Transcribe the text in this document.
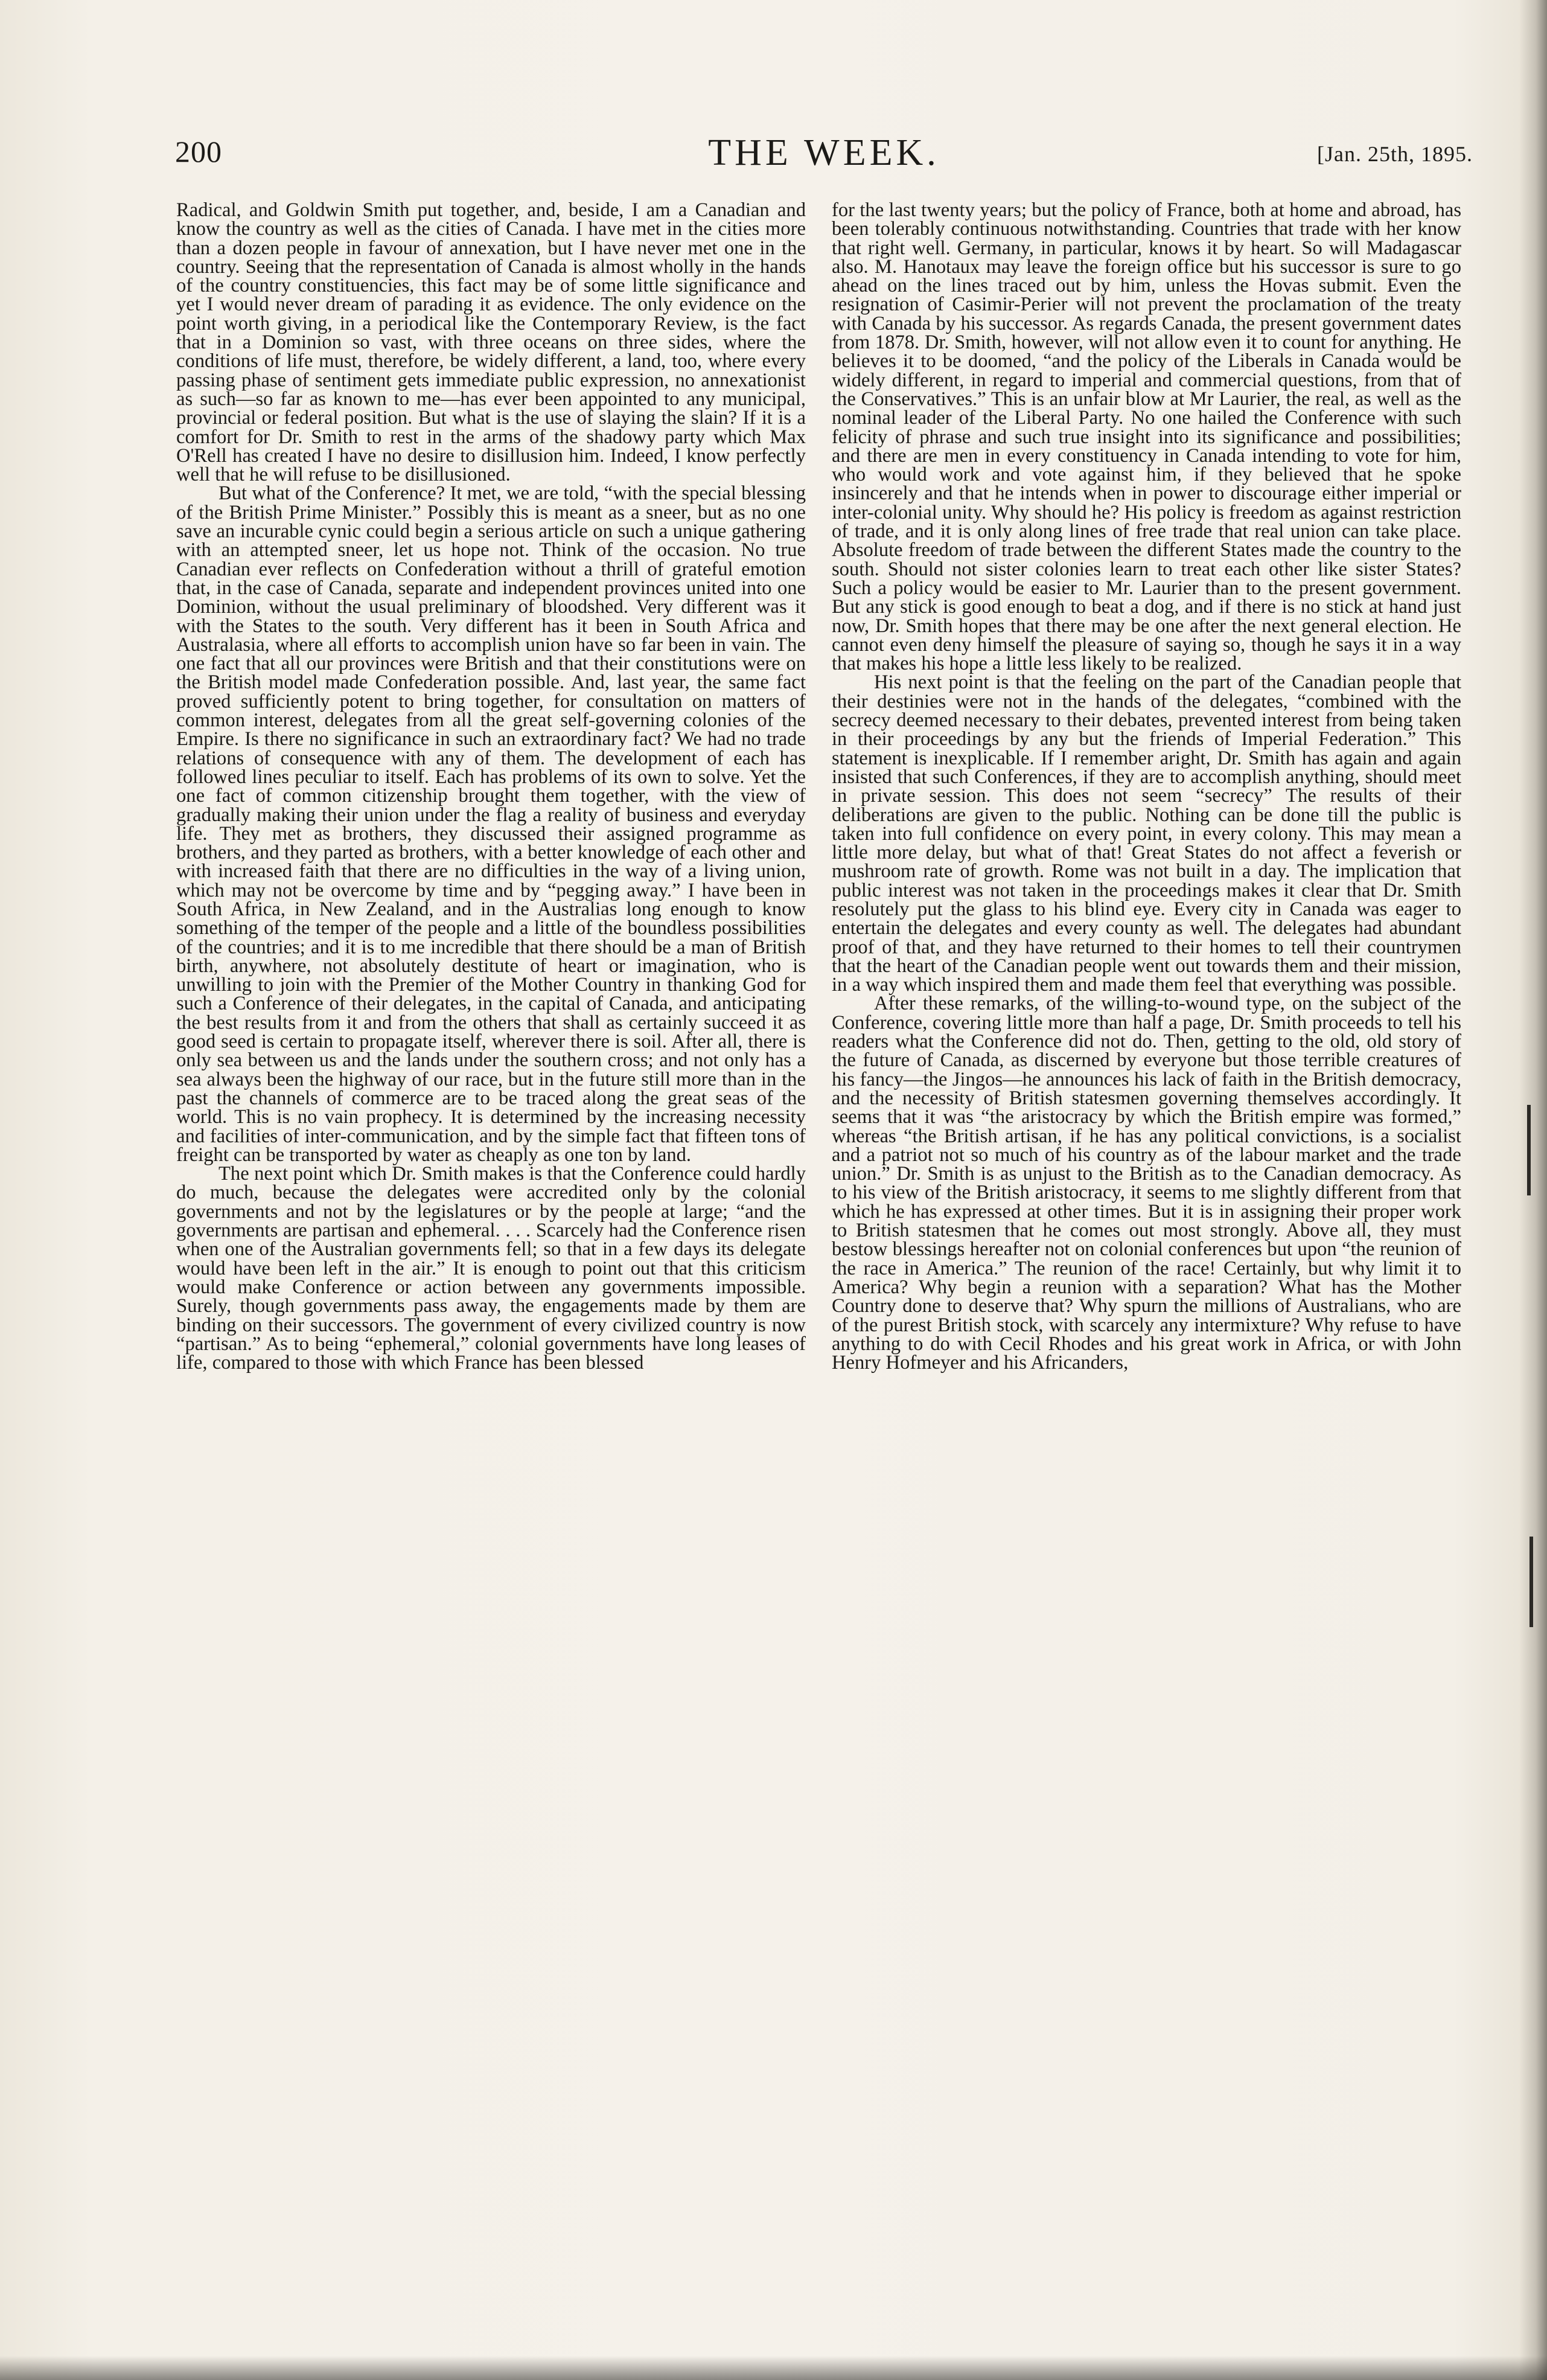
200	THE WEEK.	[Jan. 25th, 1895.

Radical, and Goldwin Smith put together, and, beside, I am a Canadian and know the country as well as the cities of Canada. I have met in the cities more than a dozen people in favour of annexation, but I have never met one in the country. Seeing that the representation of Canada is almost wholly in the hands of the country constituencies, this fact may be of some little significance and yet I would never dream of parading it as evidence. The only evidence on the point worth giving, in a periodical like the Contemporary Review, is the fact that in a Dominion so vast, with three oceans on three sides, where the conditions of life must, therefore, be widely different, a land, too, where every passing phase of sentiment gets immediate public expression, no annexationist as such—so far as known to me—has ever been appointed to any municipal, provincial or federal position. But what is the use of slaying the slain? If it is a comfort for Dr. Smith to rest in the arms of the shadowy party which Max O'Rell has created I have no desire to disillusion him. Indeed, I know perfectly well that he will refuse to be disillusioned.

But what of the Conference? It met, we are told, “with the special blessing of the British Prime Minister.” Possibly this is meant as a sneer, but as no one save an incurable cynic could begin a serious article on such a unique gathering with an attempted sneer, let us hope not. Think of the occasion. No true Canadian ever reflects on Confederation without a thrill of grateful emotion that, in the case of Canada, separate and independent provinces united into one Dominion, without the usual preliminary of bloodshed. Very different was it with the States to the south. Very different has it been in South Africa and Australasia, where all efforts to accomplish union have so far been in vain. The one fact that all our provinces were British and that their constitutions were on the British model made Confederation possible. And, last year, the same fact proved sufficiently potent to bring together, for consultation on matters of common interest, delegates from all the great self-governing colonies of the Empire. Is there no significance in such an extraordinary fact? We had no trade relations of consequence with any of them. The development of each has followed lines peculiar to itself. Each has problems of its own to solve. Yet the one fact of common citizenship brought them together, with the view of gradually making their union under the flag a reality of business and everyday life. They met as brothers, they discussed their assigned programme as brothers, and they parted as brothers, with a better knowledge of each other and with increased faith that there are no difficulties in the way of a living union, which may not be overcome by time and by “pegging away.” I have been in South Africa, in New Zealand, and in the Australias long enough to know something of the temper of the people and a little of the boundless possibilities of the countries; and it is to me incredible that there should be a man of British birth, anywhere, not absolutely destitute of heart or imagination, who is unwilling to join with the Premier of the Mother Country in thanking God for such a Conference of their delegates, in the capital of Canada, and anticipating the best results from it and from the others that shall as certainly succeed it as good seed is certain to propagate itself, wherever there is soil. After all, there is only sea between us and the lands under the southern cross; and not only has a sea always been the highway of our race, but in the future still more than in the past the channels of commerce are to be traced along the great seas of the world. This is no vain prophecy. It is determined by the increasing necessity and facilities of inter-communication, and by the simple fact that fifteen tons of freight can be transported by water as cheaply as one ton by land.

The next point which Dr. Smith makes is that the Conference could hardly do much, because the delegates were accredited only by the colonial governments and not by the legislatures or by the people at large; “and the governments are partisan and ephemeral. . . . Scarcely had the Conference risen when one of the Australian governments fell; so that in a few days its delegate would have been left in the air.” It is enough to point out that this criticism would make Conference or action between any governments impossible. Surely, though governments pass away, the engagements made by them are binding on their successors. The government of every civilized country is now “partisan.” As to being “ephemeral,” colonial governments have long leases of life, compared to those with which France has been blessed

for the last twenty years; but the policy of France, both at home and abroad, has been tolerably continuous notwithstanding. Countries that trade with her know that right well. Germany, in particular, knows it by heart. So will Madagascar also. M. Hanotaux may leave the foreign office but his successor is sure to go ahead on the lines traced out by him, unless the Hovas submit. Even the resignation of Casimir-Perier will not prevent the proclamation of the treaty with Canada by his successor. As regards Canada, the present government dates from 1878. Dr. Smith, however, will not allow even it to count for anything. He believes it to be doomed, “and the policy of the Liberals in Canada would be widely different, in regard to imperial and commercial questions, from that of the Conservatives.” This is an unfair blow at Mr Laurier, the real, as well as the nominal leader of the Liberal Party. No one hailed the Conference with such felicity of phrase and such true insight into its significance and possibilities; and there are men in every constituency in Canada intending to vote for him, who would work and vote against him, if they believed that he spoke insincerely and that he intends when in power to discourage either imperial or inter-colonial unity. Why should he? His policy is freedom as against restriction of trade, and it is only along lines of free trade that real union can take place. Absolute freedom of trade between the different States made the country to the south. Should not sister colonies learn to treat each other like sister States? Such a policy would be easier to Mr. Laurier than to the present government. But any stick is good enough to beat a dog, and if there is no stick at hand just now, Dr. Smith hopes that there may be one after the next general election. He cannot even deny himself the pleasure of saying so, though he says it in a way that makes his hope a little less likely to be realized.

His next point is that the feeling on the part of the Canadian people that their destinies were not in the hands of the delegates, “combined with the secrecy deemed necessary to their debates, prevented interest from being taken in their proceedings by any but the friends of Imperial Federation.” This statement is inexplicable. If I remember aright, Dr. Smith has again and again insisted that such Conferences, if they are to accomplish anything, should meet in private session. This does not seem “secrecy” The results of their deliberations are given to the public. Nothing can be done till the public is taken into full confidence on every point, in every colony. This may mean a little more delay, but what of that! Great States do not affect a feverish or mushroom rate of growth. Rome was not built in a day. The implication that public interest was not taken in the proceedings makes it clear that Dr. Smith resolutely put the glass to his blind eye. Every city in Canada was eager to entertain the delegates and every county as well. The delegates had abundant proof of that, and they have returned to their homes to tell their countrymen that the heart of the Canadian people went out towards them and their mission, in a way which inspired them and made them feel that everything was possible.

After these remarks, of the willing-to-wound type, on the subject of the Conference, covering little more than half a page, Dr. Smith proceeds to tell his readers what the Conference did not do. Then, getting to the old, old story of the future of Canada, as discerned by everyone but those terrible creatures of his fancy—the Jingos—he announces his lack of faith in the British democracy, and the necessity of British statesmen governing themselves accordingly. It seems that it was “the aristocracy by which the British empire was formed,” whereas “the British artisan, if he has any political convictions, is a socialist and a patriot not so much of his country as of the labour market and the trade union.” Dr. Smith is as unjust to the British as to the Canadian democracy. As to his view of the British aristocracy, it seems to me slightly different from that which he has expressed at other times. But it is in assigning their proper work to British statesmen that he comes out most strongly. Above all, they must bestow blessings hereafter not on colonial conferences but upon “the reunion of the race in America.” The reunion of the race! Certainly, but why limit it to America? Why begin a reunion with a separation? What has the Mother Country done to deserve that? Why spurn the millions of Australians, who are of the purest British stock, with scarcely any intermixture? Why refuse to have anything to do with Cecil Rhodes and his great work in Africa, or with John Henry Hofmeyer and his Africanders,
